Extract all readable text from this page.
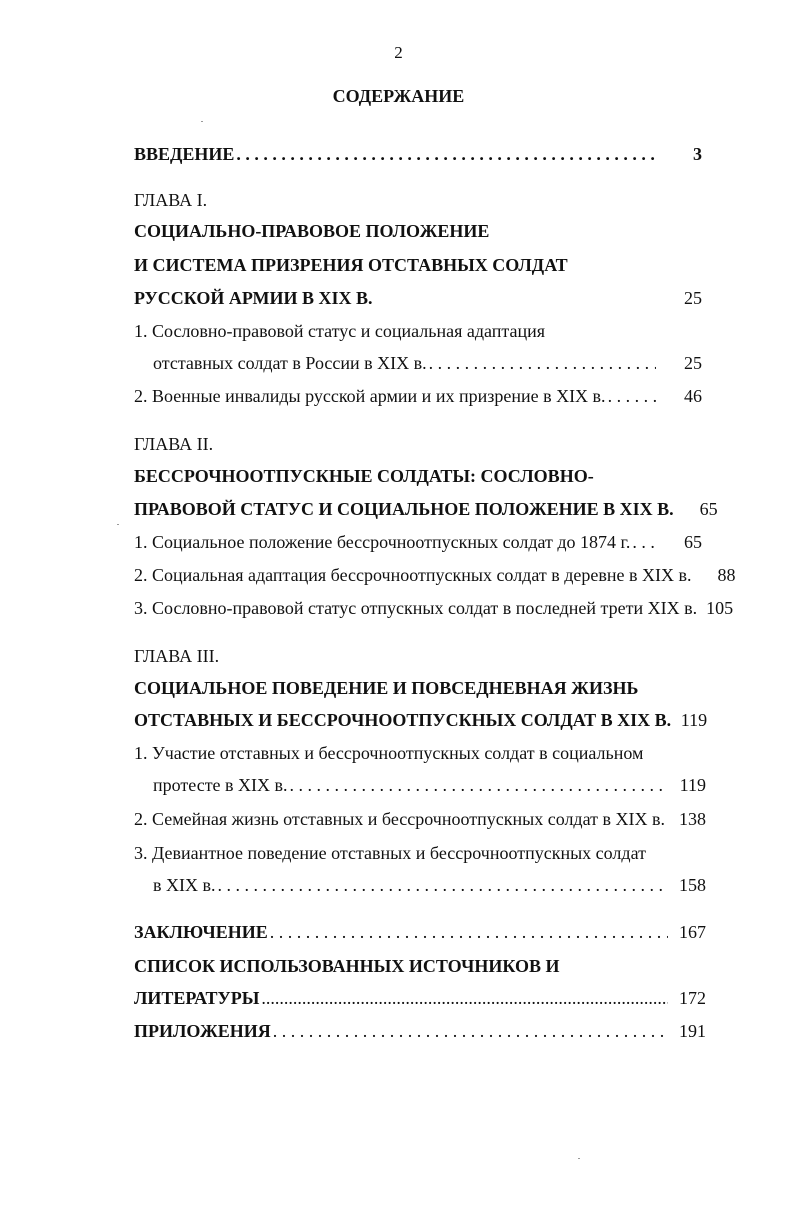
2
СОДЕРЖАНИЕ
ВВЕДЕНИЕ . . .	3
ГЛАВА I.
СОЦИАЛЬНО-ПРАВОВОЕ ПОЛОЖЕНИЕ
И СИСТЕМА ПРИЗРЕНИЯ ОТСТАВНЫХ СОЛДАТ
РУССКОЙ АРМИИ В XIX В.	25
1. Сословно-правовой статус и социальная адаптация
отставных солдат в России в XIX в. . . .	25
2. Военные инвалиды русской армии и их призрение в XIX в. . . .	46
ГЛАВА II.
БЕССРОЧНООТПУСКНЫЕ СОЛДАТЫ: СОСЛОВНО-
ПРАВОВОЙ СТАТУС И СОЦИАЛЬНОЕ ПОЛОЖЕНИЕ В XIX В.	65
1. Социальное положение бессрочноотпускных солдат до 1874 г. . . .	65
2. Социальная адаптация бессрочноотпускных солдат в деревне в XIX в.	88
3. Сословно-правовой статус отпускных солдат в последней трети XIX в. 105
ГЛАВА III.
СОЦИАЛЬНОЕ ПОВЕДЕНИЕ И ПОВСЕДНЕВНАЯ ЖИЗНЬ
ОТСТАВНЫХ И БЕССРОЧНООТПУСКНЫХ СОЛДАТ В XIX В. 119
1. Участие отставных и бессрочноотпускных солдат в социальном
протесте в XIX в. . . .	119
2. Семейная жизнь отставных и бессрочноотпускных солдат в XIX в. 138
3. Девиантное поведение отставных и бессрочноотпускных солдат
в XIX в. . . .	158
ЗАКЛЮЧЕНИЕ . . .	167
СПИСОК ИСПОЛЬЗОВАННЫХ ИСТОЧНИКОВ И
ЛИТЕРАТУРЫ .....	172
ПРИЛОЖЕНИЯ . . .	191
